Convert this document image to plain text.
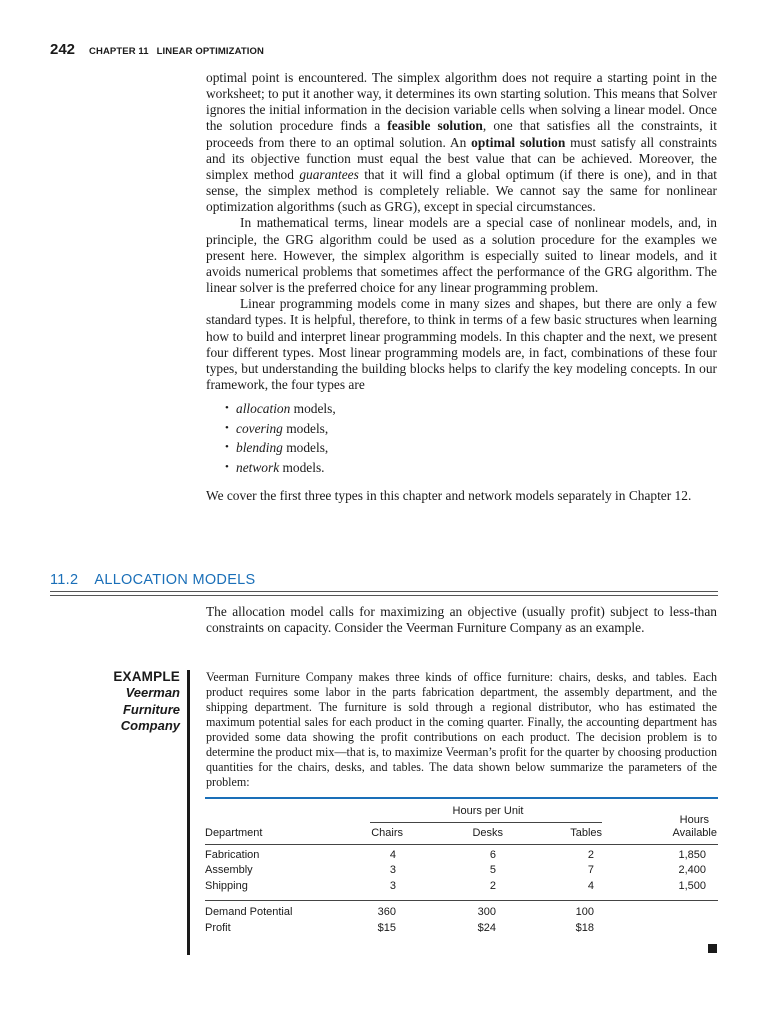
242 CHAPTER 11 LINEAR OPTIMIZATION

optimal point is encountered. The simplex algorithm does not require a starting point in the worksheet; to put it another way, it determines its own starting solution. This means that Solver ignores the initial information in the decision variable cells when solving a linear model. Once the solution procedure finds a feasible solution, one that satisfies all the constraints, it proceeds from there to an optimal solution. An optimal solution must satisfy all constraints and its objective function must equal the best value that can be achieved. Moreover, the simplex method guarantees that it will find a global optimum (if there is one), and in that sense, the simplex method is completely reliable. We cannot say the same for nonlinear optimization algorithms (such as GRG), except in special circumstances.

In mathematical terms, linear models are a special case of nonlinear models, and, in principle, the GRG algorithm could be used as a solution procedure for the examples we present here. However, the simplex algorithm is especially suited to linear models, and it avoids numerical problems that sometimes affect the performance of the GRG algorithm. The linear solver is the preferred choice for any linear programming problem.

Linear programming models come in many sizes and shapes, but there are only a few standard types. It is helpful, therefore, to think in terms of a few basic structures when learning how to build and interpret linear programming models. In this chapter and the next, we present four different types. Most linear programming models are, in fact, combinations of these four types, but understanding the building blocks helps to clarify the key modeling concepts. In our framework, the four types are

• allocation models,
• covering models,
• blending models,
• network models.

We cover the first three types in this chapter and network models separately in Chapter 12.

11.2 ALLOCATION MODELS

The allocation model calls for maximizing an objective (usually profit) subject to less-than constraints on capacity. Consider the Veerman Furniture Company as an example.

EXAMPLE
Veerman
Furniture
Company

Veerman Furniture Company makes three kinds of office furniture: chairs, desks, and tables. Each product requires some labor in the parts fabrication department, the assembly department, and the shipping department. The furniture is sold through a regional distributor, who has estimated the maximum potential sales for each product in the coming quarter. Finally, the accounting department has provided some data showing the profit contributions on each product. The decision problem is to determine the product mix—that is, to maximize Veerman’s profit for the quarter by choosing production quantities for the chairs, desks, and tables. The data shown below summarize the parameters of the problem:

Hours per Unit
Hours
Department	Chairs	Desks	Tables	Available
Fabrication	4	6	2	1,850
Assembly	3	5	7	2,400
Shipping	3	2	4	1,500
Demand Potential	360	300	100
Profit	$15	$24	$18
